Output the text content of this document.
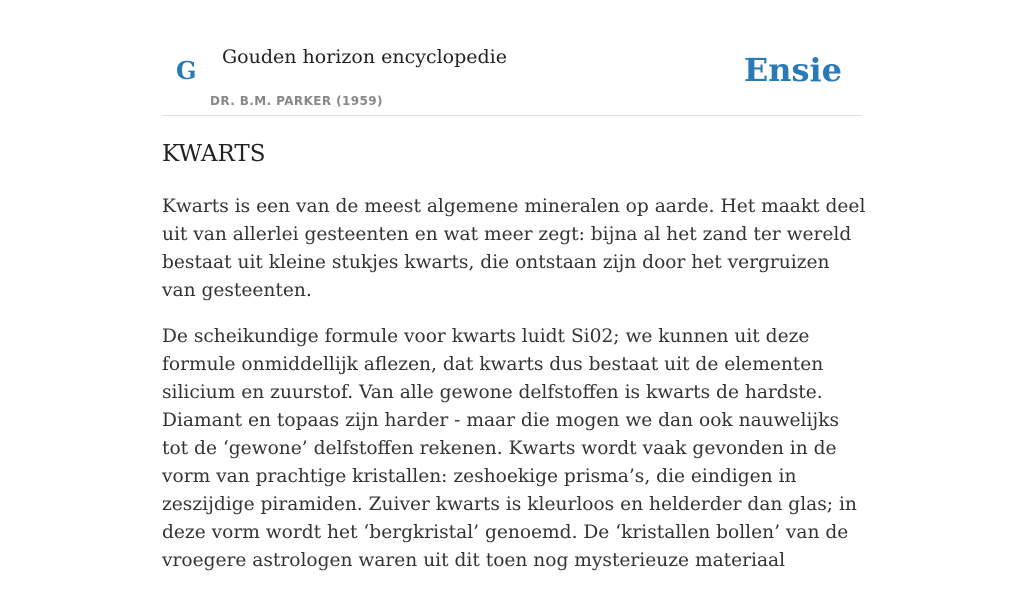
G Gouden horizon encyclopedie
DR. B.M. PARKER (1959)
Ensie
KWARTS

Kwarts is een van de meest algemene mineralen op aarde. Het maakt deel uit van allerlei gesteenten en wat meer zegt: bijna al het zand ter wereld bestaat uit kleine stukjes kwarts, die ontstaan zijn door het vergruizen van gesteenten.

De scheikundige formule voor kwarts luidt Si02; we kunnen uit deze formule onmiddellijk aflezen, dat kwarts dus bestaat uit de elementen silicium en zuurstof. Van alle gewone delfstoffen is kwarts de hardste. Diamant en topaas zijn harder - maar die mogen we dan ook nauwelijks tot de ‘gewone’ delfstoffen rekenen. Kwarts wordt vaak gevonden in de vorm van prachtige kristallen: zeshoekige prisma’s, die eindigen in zeszijdige piramiden. Zuiver kwarts is kleurloos en helderder dan glas; in deze vorm wordt het ‘bergkristal’ genoemd. De ‘kristallen bollen’ van de vroegere astrologen waren uit dit toen nog mysterieuze materiaal
